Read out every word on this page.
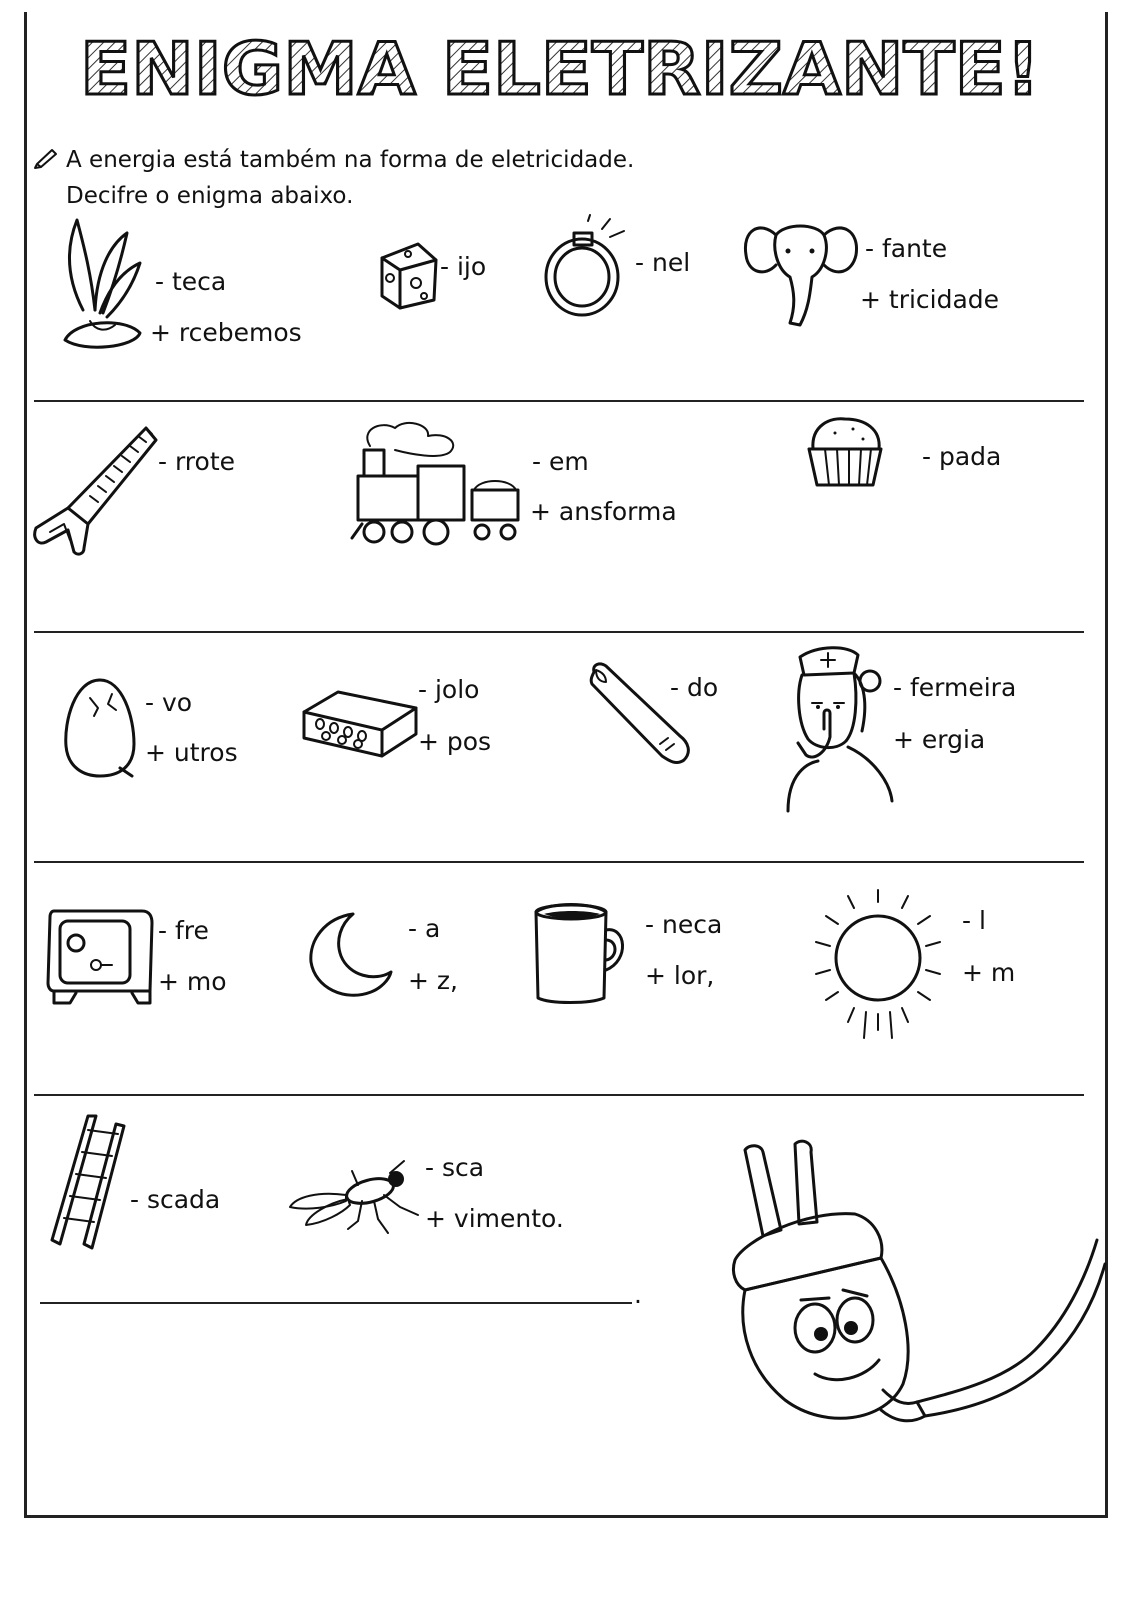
ENIGMA ELETRIZANTE!
A energia está também na forma de eletricidade.
Decifre o enigma abaixo.
- teca
+ rcebemos
- ijo	- nel	- fante
+ tricidade
- rrote	- em
+ ansforma
- pada
- vo
+ utros
- jolo
+ pos
- do	- fermeira
+ ergia
- fre
+ mo
- a
+ z,
- neca
+ lor,
- l
+ m
- scada
- sca
+ vimento.
.
